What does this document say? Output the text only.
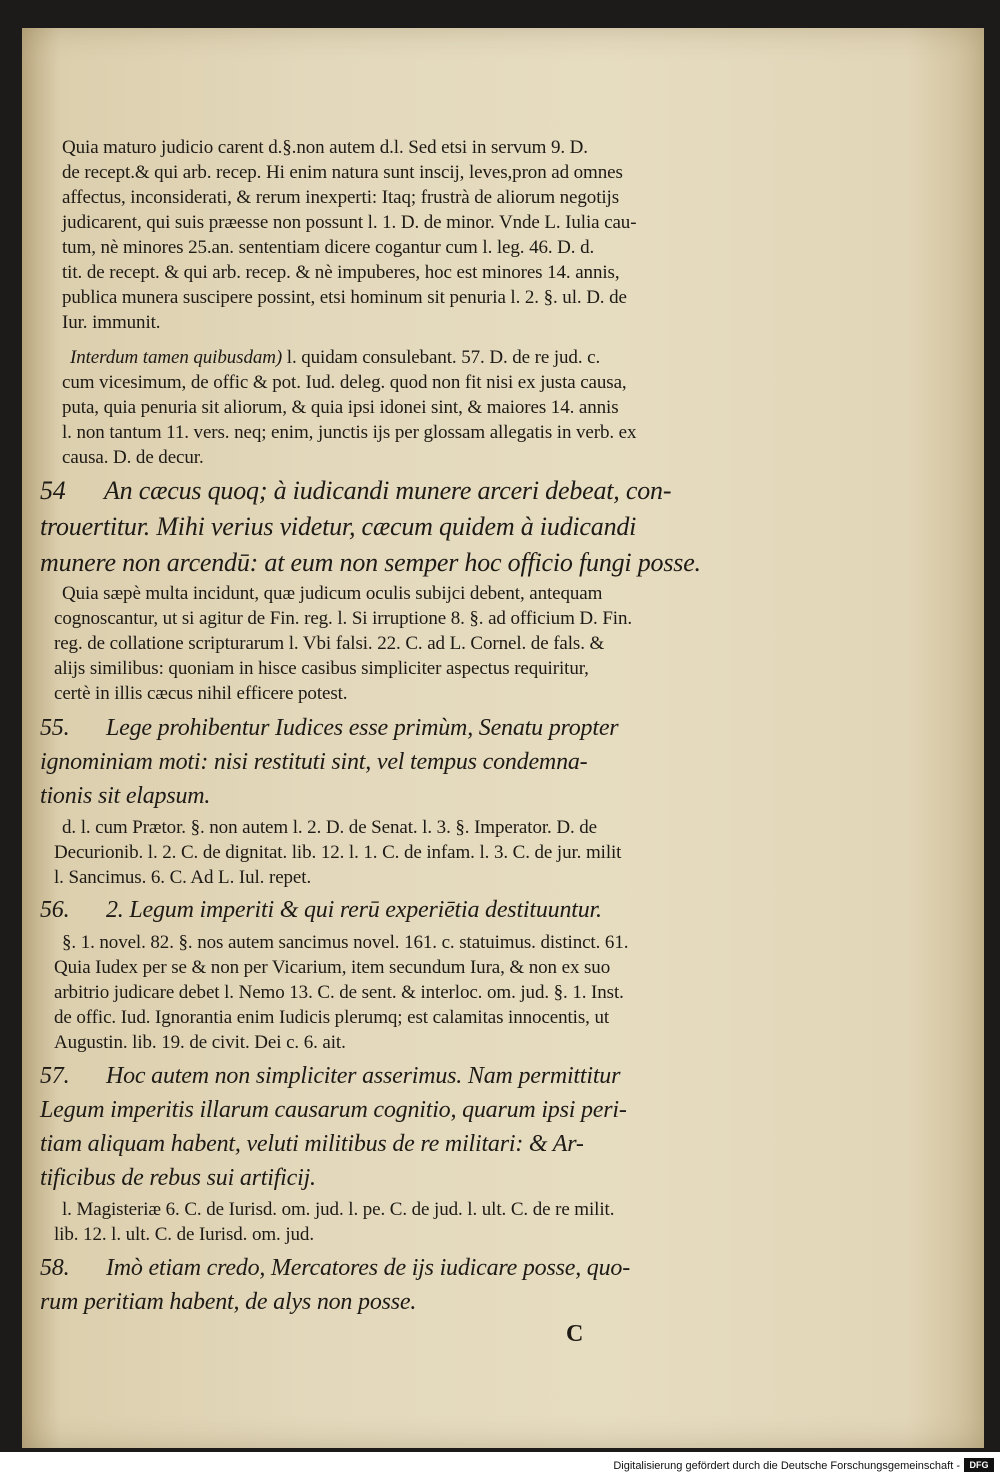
Quia maturo judicio carent d.§.non autem d.l. Sed etsi in servum 9. D.
de recept.& qui arb. recep. Hi enim natura sunt inscij, leves,pron ad omnes
affectus, inconsiderati, & rerum inexperti: Itaq; frustrà de aliorum negotijs
judicarent, qui suis præesse non possunt l. 1. D. de minor. Vnde L. Iulia cau-
tum, nè minores 25.an. sententiam dicere cogantur cum l. leg. 46. D. d.
tit. de recept. & qui arb. recep. & nè impuberes, hoc est minores 14. annis,
publica munera suscipere possint, etsi hominum sit penuria l. 2. §. ul. D. de
Iur. immunit.
Interdum tamen quibusdam) l. quidam consulebant. 57. D. de re jud. c.
cum vicesimum, de offic & pot. Iud. deleg. quod non fit nisi ex justa causa,
puta, quia penuria sit aliorum, & quia ipsi idonei sint, & maiores 14. annis
l. non tantum 11. vers. neq; enim, junctis ijs per glossam allegatis in verb. ex
causa. D. de decur.
54 An cæcus quoq; à iudicandi munere arceri debeat, con-
trouertitur. Mihi verius videtur, cæcum quidem à iudicandi
munere non arcendū: at eum non semper hoc officio fungi posse.
Quia sæpè multa incidunt, quæ judicum oculis subijci debent, antequam
cognoscantur, ut si agitur de Fin. reg. l. Si irruptione 8. §. ad officium D. Fin.
reg. de collatione scripturarum l. Vbi falsi. 22. C. ad L. Cornel. de fals. &
alijs similibus: quoniam in hisce casibus simpliciter aspectus requiritur,
certè in illis cæcus nihil efficere potest.
55. Lege prohibentur Iudices esse primùm, Senatu propter
ignominiam moti: nisi restituti sint, vel tempus condemna-
tionis sit elapsum.
d. l. cum Prætor. §. non autem l. 2. D. de Senat. l. 3. §. Imperator. D. de
Decurionib. l. 2. C. de dignitat. lib. 12. l. 1. C. de infam. l. 3. C. de jur. milit
l. Sancimus. 6. C. Ad L. Iul. repet.
56. 2. Legum imperiti & qui rerū experiētia destituuntur.
§. 1. novel. 82. §. nos autem sancimus novel. 161. c. statuimus. distinct. 61.
Quia Iudex per se & non per Vicarium, item secundum Iura, & non ex suo
arbitrio judicare debet l. Nemo 13. C. de sent. & interloc. om. jud. §. 1. Inst.
de offic. Iud. Ignorantia enim Iudicis plerumq; est calamitas innocentis, ut
Augustin. lib. 19. de civit. Dei c. 6. ait.
57. Hoc autem non simpliciter asserimus. Nam permittitur
Legum imperitis illarum causarum cognitio, quarum ipsi peri-
tiam aliquam habent, veluti militibus de re militari: & Ar-
tificibus de rebus sui artificij.
l. Magisteriæ 6. C. de Iurisd. om. jud. l. pe. C. de jud. l. ult. C. de re milit.
lib. 12. l. ult. C. de Iurisd. om. jud.
58. Imò etiam credo, Mercatores de ijs iudicare posse, quo-
rum peritiam habent, de alys non posse.
C
Digitalisierung gefördert durch die Deutsche Forschungsgemeinschaft -	DFG
